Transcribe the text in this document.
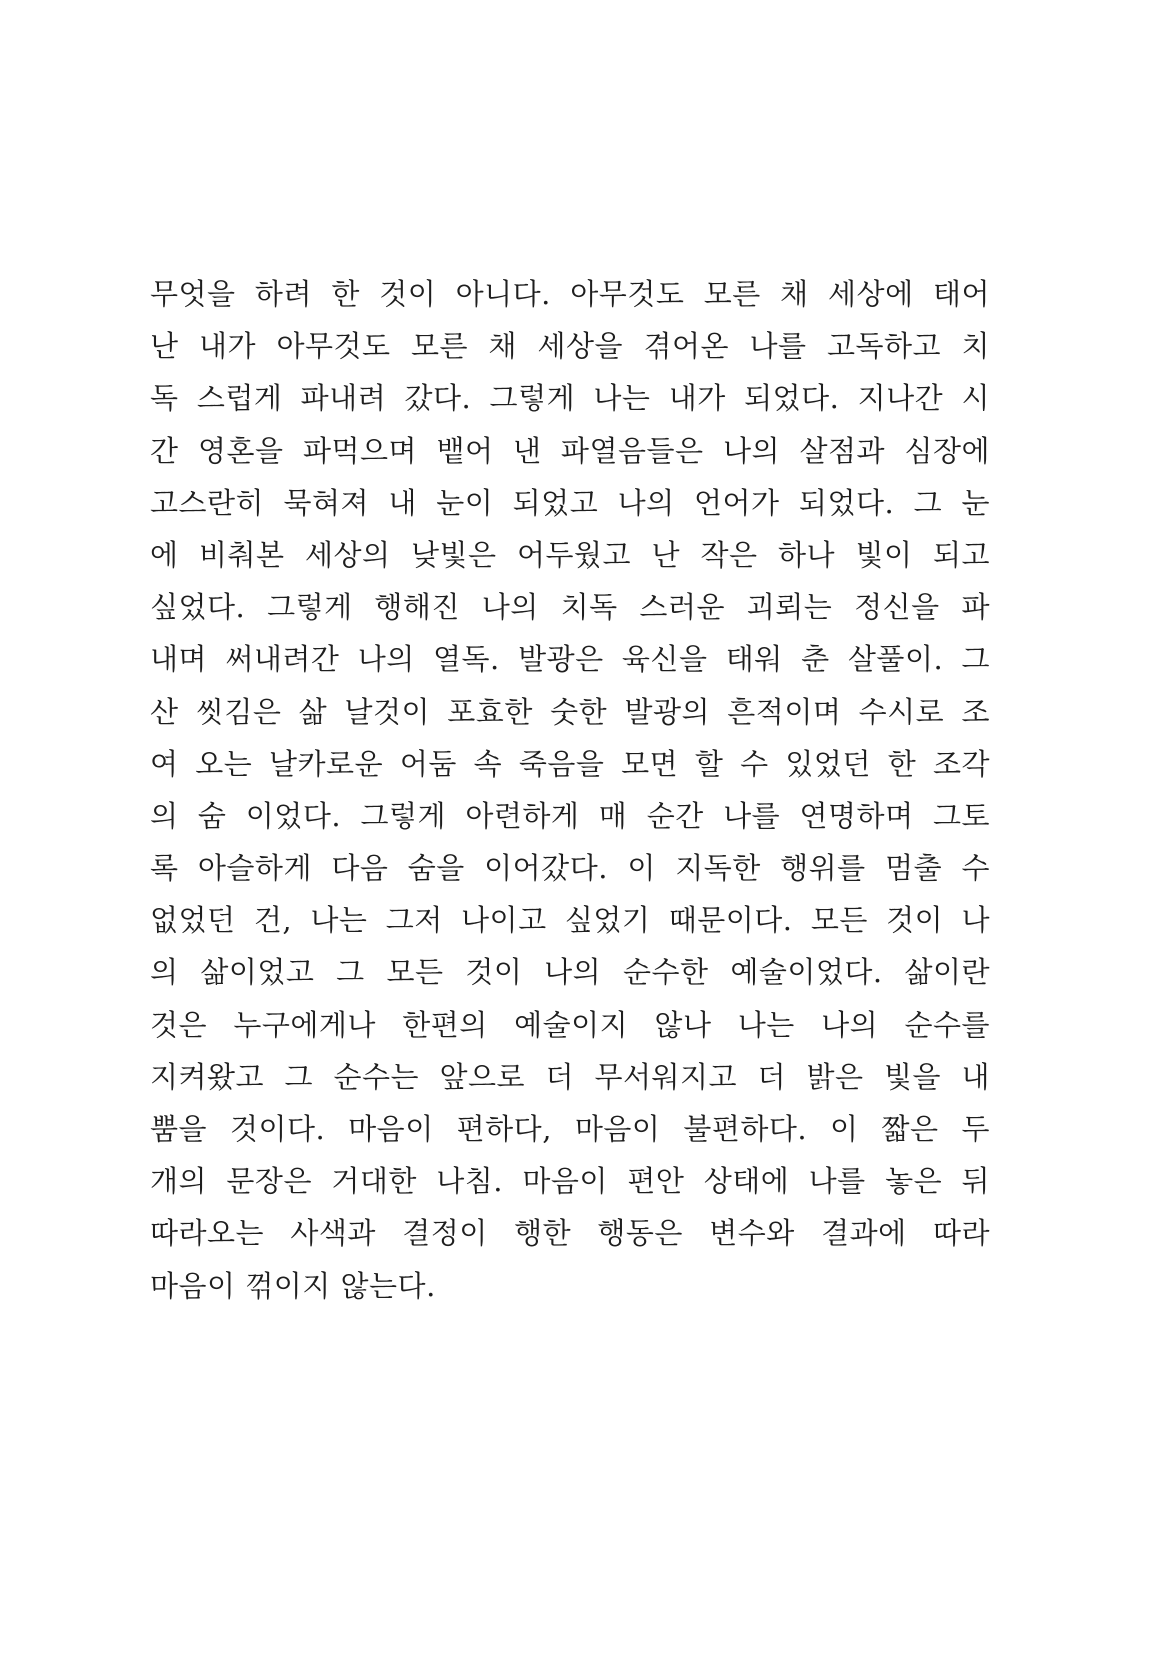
무엇을 하려 한 것이 아니다. 아무것도 모른 채 세상에 태어
난 내가 아무것도 모른 채 세상을 겪어온 나를 고독하고 치
독 스럽게 파내려 갔다. 그렇게 나는 내가 되었다. 지나간 시
간 영혼을 파먹으며 뱉어 낸 파열음들은 나의 살점과 심장에
고스란히 묵혀져 내 눈이 되었고 나의 언어가 되었다. 그 눈
에 비춰본 세상의 낮빛은 어두웠고 난 작은 하나 빛이 되고
싶었다. 그렇게 행해진 나의 치독 스러운 괴뢰는 정신을 파
내며 써내려간 나의 열독. 발광은 육신을 태워 춘 살풀이. 그
산 씻김은 삶 날것이 포효한 숫한 발광의 흔적이며 수시로 조
여 오는 날카로운 어둠 속 죽음을 모면 할 수 있었던 한 조각
의 숨 이었다. 그렇게 아련하게 매 순간 나를 연명하며 그토
록 아슬하게 다음 숨을 이어갔다. 이 지독한 행위를 멈출 수
없었던 건, 나는 그저 나이고 싶었기 때문이다. 모든 것이 나
의 삶이었고 그 모든 것이 나의 순수한 예술이었다. 삶이란
것은 누구에게나 한편의 예술이지 않나 나는 나의 순수를
지켜왔고 그 순수는 앞으로 더 무서워지고 더 밝은 빛을 내
뿜을 것이다. 마음이 편하다, 마음이 불편하다. 이 짧은 두
개의 문장은 거대한 나침. 마음이 편안 상태에 나를 놓은 뒤
따라오는 사색과 결정이 행한 행동은 변수와 결과에 따라
마음이 꺾이지 않는다.
